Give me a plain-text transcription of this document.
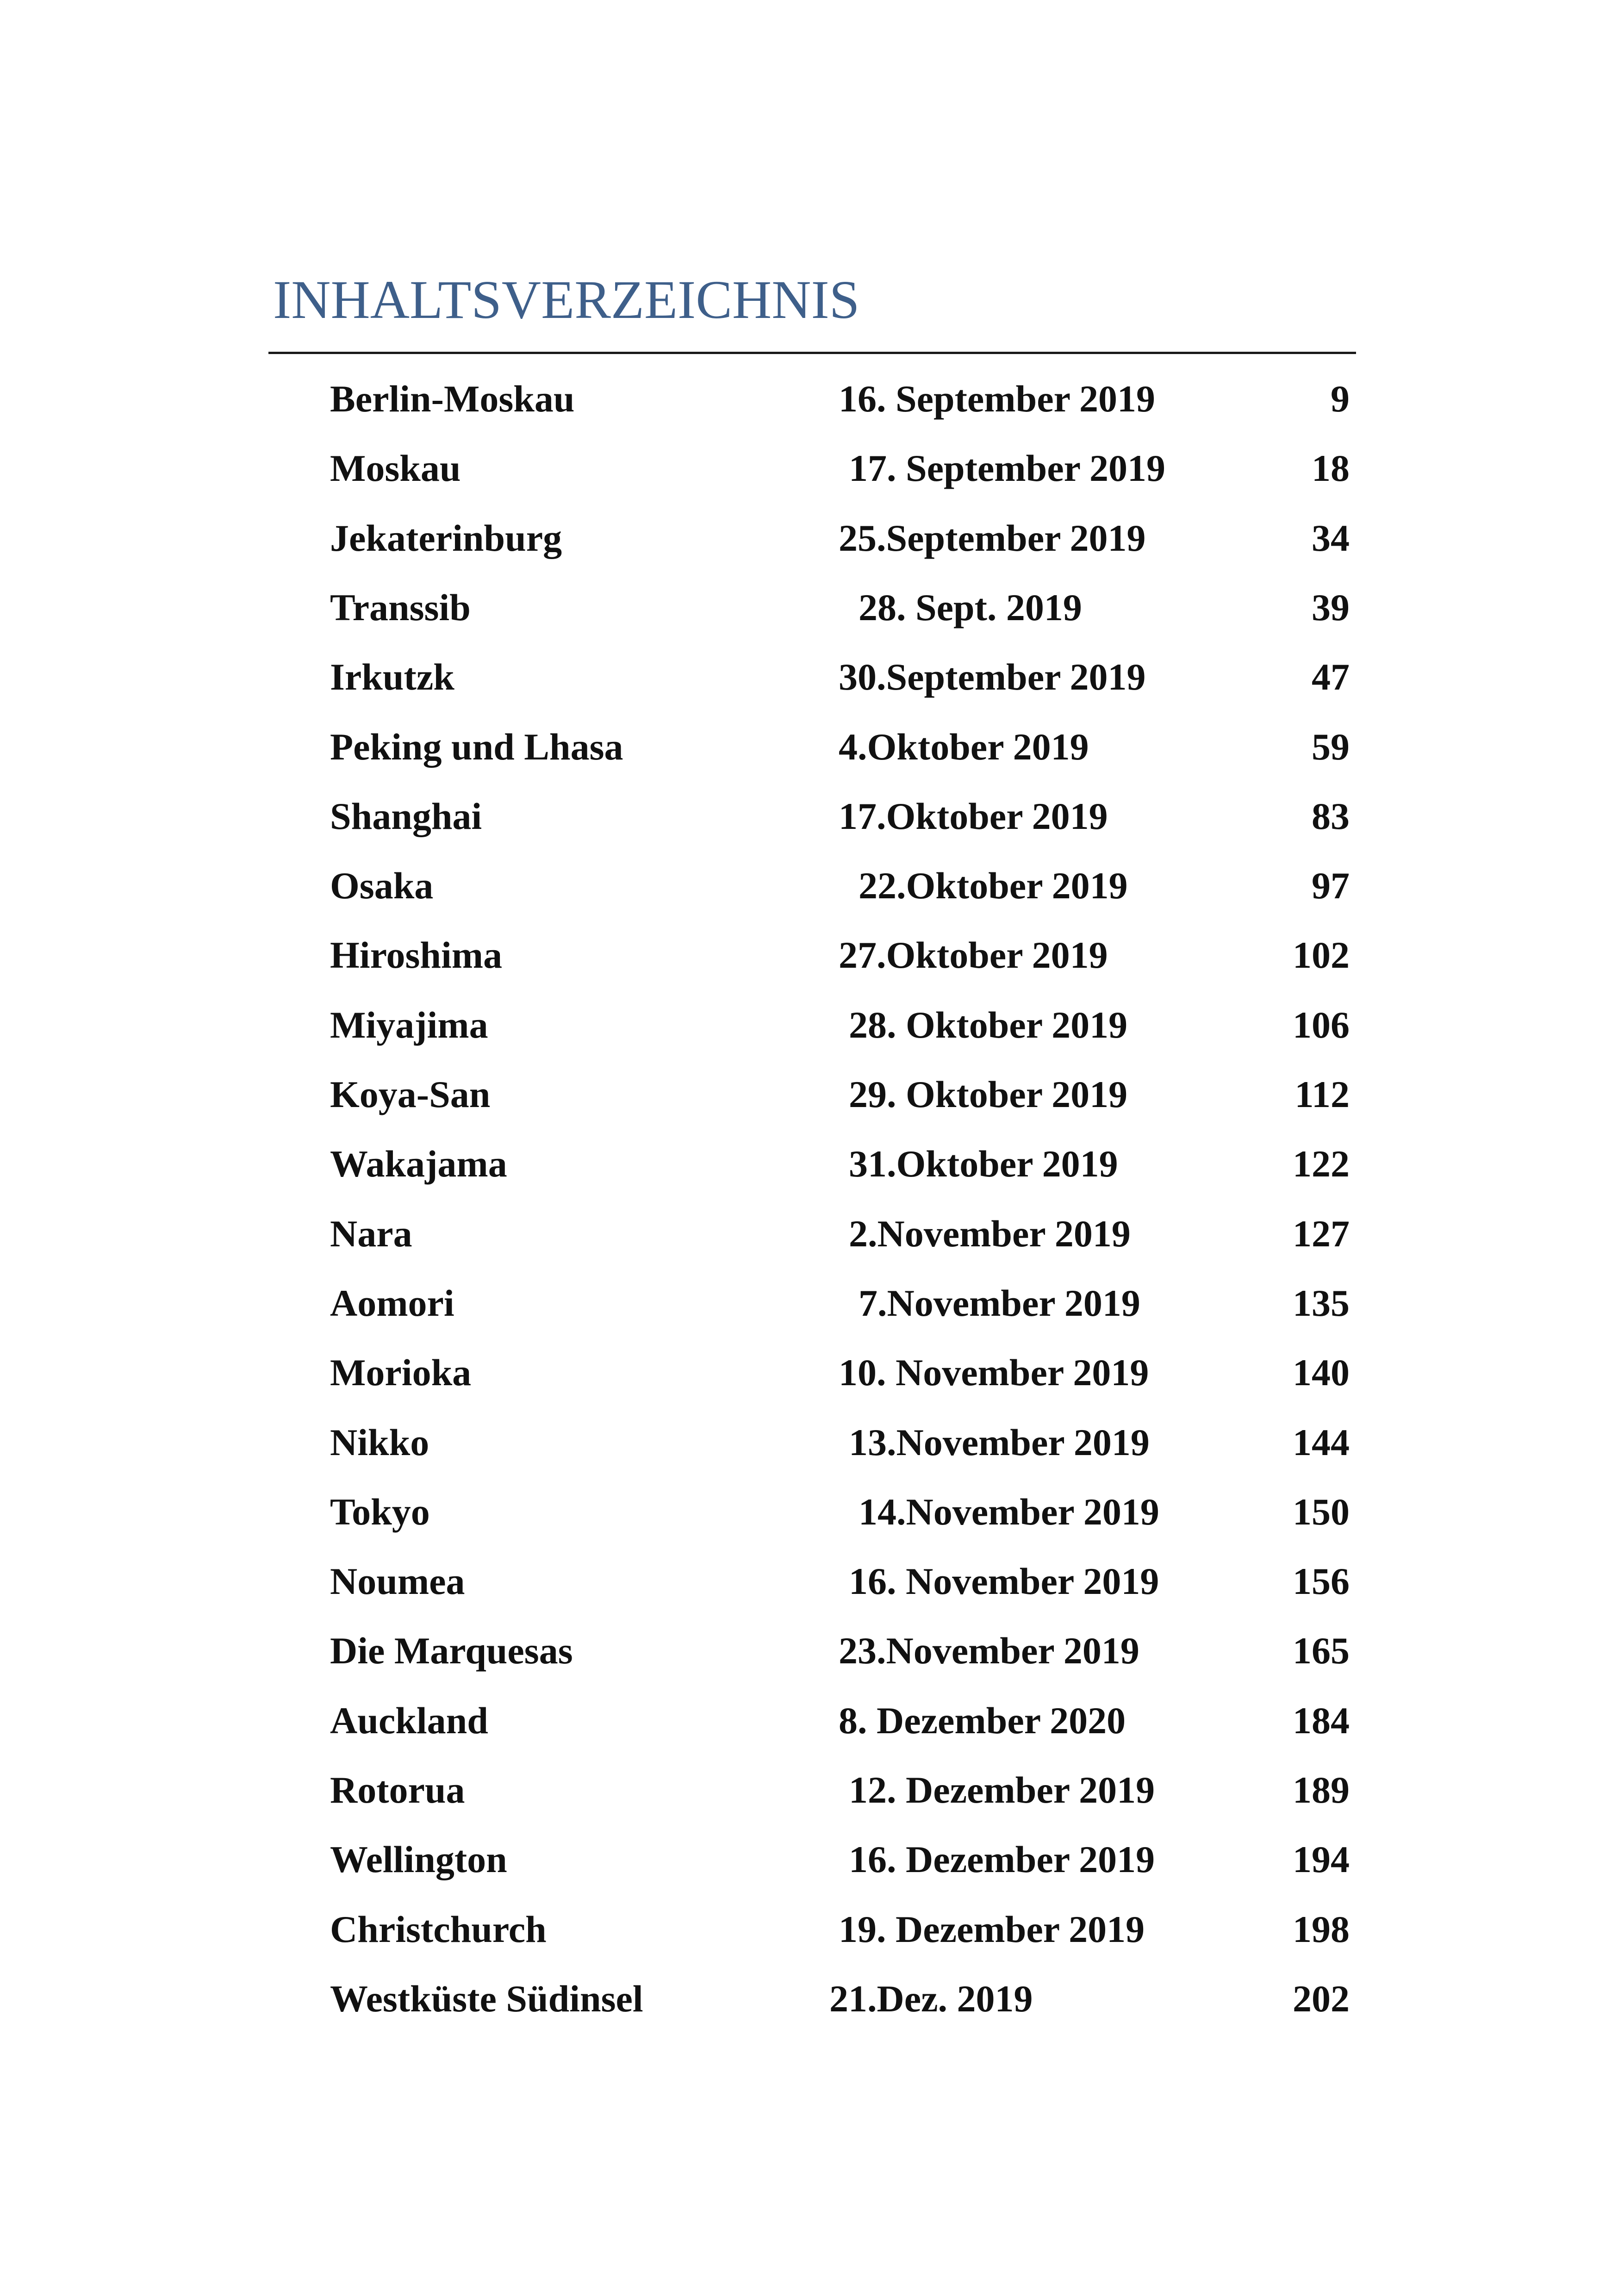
INHALTSVERZEICHNIS
Berlin-Moskau	16. September 2019	9
Moskau	17. September 2019	18
Jekaterinburg	25.September 2019	34
Transsib	28. Sept. 2019	39
Irkutzk	30.September 2019	47
Peking und Lhasa	4.Oktober 2019	59
Shanghai	17.Oktober 2019	83
Osaka	22.Oktober 2019	97
Hiroshima	27.Oktober 2019	102
Miyajima	28. Oktober 2019	106
Koya-San	29. Oktober 2019	112
Wakajama	31.Oktober 2019	122
Nara	2.November 2019	127
Aomori	7.November 2019	135
Morioka	10. November 2019	140
Nikko	13.November 2019	144
Tokyo	14.November 2019	150
Noumea	16. November 2019	156
Die Marquesas	23.November 2019	165
Auckland	8. Dezember 2020	184
Rotorua	12. Dezember 2019	189
Wellington	16. Dezember 2019	194
Christchurch	19. Dezember 2019	198
Westküste Südinsel	21.Dez. 2019	202
